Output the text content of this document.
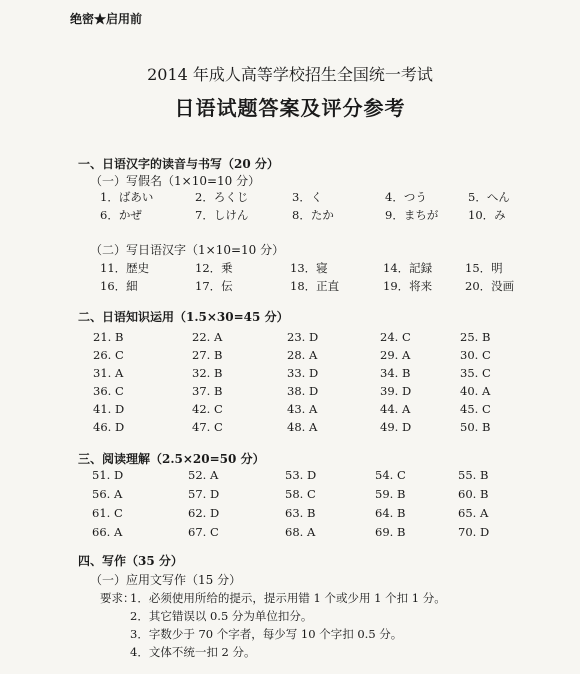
绝密★启用前
2014 年成人高等学校招生全国统一考试
日语试题答案及评分参考
一、日语汉字的读音与书写（20 分）
（一）写假名（1×10=10 分）
1．ばあい	2．ろくじ	3．く	4．つう	5．へん
6．かぜ	7．しけん	8．たか	9．まちが	10．み
（二）写日语汉字（1×10=10 分）
11．歴史	12．乗	13．寝	14．記録	15．明
16．細	17．伝	18．正直	19．将来	20．没画
二、日语知识运用（1.5×30=45 分）
21. B	22. A	23. D	24. C	25. B
26. C	27. B	28. A	29. A	30. C
31. A	32. B	33. D	34. B	35. C
36. C	37. B	38. D	39. D	40. A
41. D	42. C	43. A	44. A	45. C
46. D	47. C	48. A	49. D	50. B
三、阅读理解（2.5×20=50 分）
51. D	52. A	53. D	54. C	55. B
56. A	57. D	58. C	59. B	60. B
61. C	62. D	63. B	64. B	65. A
66. A	67. C	68. A	69. B	70. D
四、写作（35 分）
（一）应用文写作（15 分）
要求：
1．必须使用所给的提示，提示用错 1 个或少用 1 个扣 1 分。
2．其它错误以 0.5 分为单位扣分。
3．字数少于 70 个字者，每少写 10 个字扣 0.5 分。
4．文体不统一扣 2 分。
